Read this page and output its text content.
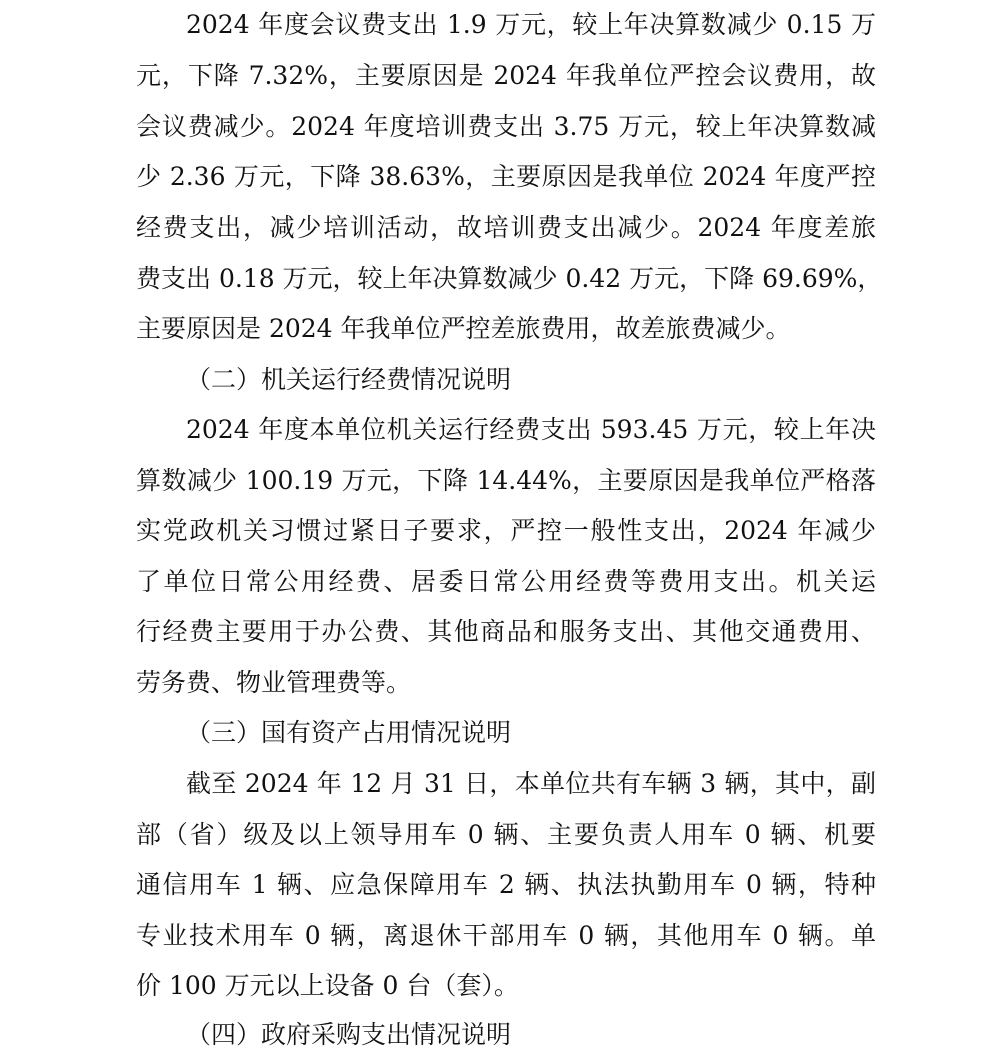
2024 年度会议费支出 1.9 万元，较上年决算数减少 0.15 万
元，下降 7.32%，主要原因是 2024 年我单位严控会议费用，故
会议费减少。2024 年度培训费支出 3.75 万元，较上年决算数减
少 2.36 万元，下降 38.63%，主要原因是我单位 2024 年度严控
经费支出，减少培训活动，故培训费支出减少。2024 年度差旅
费支出 0.18 万元，较上年决算数减少 0.42 万元，下降 69.69%，
主要原因是 2024 年我单位严控差旅费用，故差旅费减少。
（二）机关运行经费情况说明
2024 年度本单位机关运行经费支出 593.45 万元，较上年决
算数减少 100.19 万元，下降 14.44%，主要原因是我单位严格落
实党政机关习惯过紧日子要求，严控一般性支出，2024 年减少
了单位日常公用经费、居委日常公用经费等费用支出。机关运
行经费主要用于办公费、其他商品和服务支出、其他交通费用、
劳务费、物业管理费等。
（三）国有资产占用情况说明
截至 2024 年 12 月 31 日，本单位共有车辆 3 辆，其中，副
部（省）级及以上领导用车 0 辆、主要负责人用车 0 辆、机要
通信用车 1 辆、应急保障用车 2 辆、执法执勤用车 0 辆，特种
专业技术用车 0 辆，离退休干部用车 0 辆，其他用车 0 辆。单
价 100 万元以上设备 0 台（套）。
（四）政府采购支出情况说明
